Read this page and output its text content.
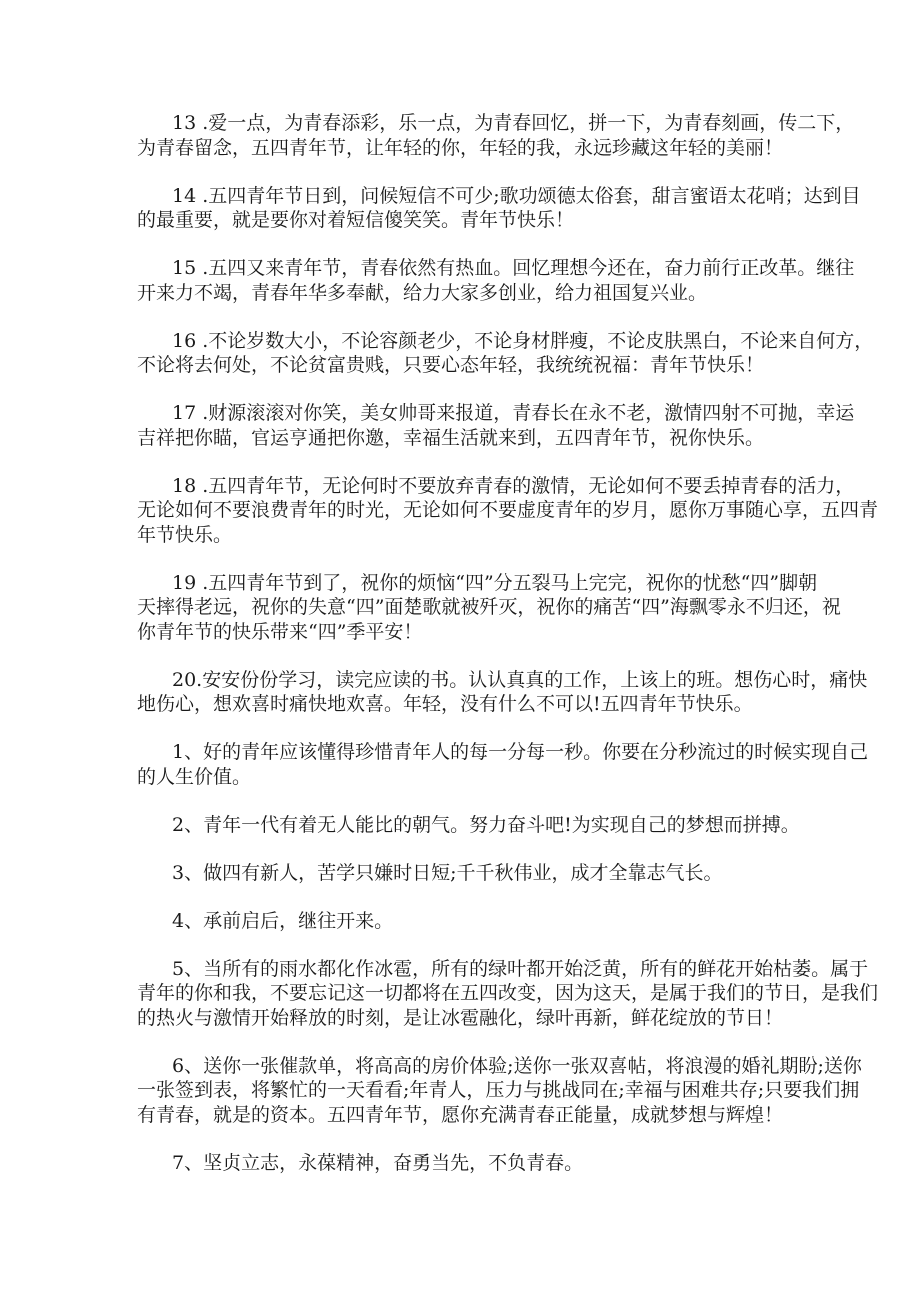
13 .爱一点，为青春添彩，乐一点，为青春回忆，拼一下，为青春刻画，传二下，
为青春留念，五四青年节，让年轻的你，年轻的我，永远珍藏这年轻的美丽！

14 .五四青年节日到，问候短信不可少;歌功颂德太俗套，甜言蜜语太花哨；达到目
的最重要，就是要你对着短信傻笑笑。青年节快乐！

15 .五四又来青年节，青春依然有热血。回忆理想今还在，奋力前行正改革。继往
开来力不竭，青春年华多奉献，给力大家多创业，给力祖国复兴业。

16 .不论岁数大小，不论容颜老少，不论身材胖瘦，不论皮肤黑白，不论来自何方，
不论将去何处，不论贫富贵贱，只要心态年轻，我统统祝福：青年节快乐！

17 .财源滚滚对你笑，美女帅哥来报道，青春长在永不老，激情四射不可抛，幸运
吉祥把你瞄，官运亨通把你邀，幸福生活就来到，五四青年节，祝你快乐。

18 .五四青年节，无论何时不要放弃青春的激情，无论如何不要丢掉青春的活力，
无论如何不要浪费青年的时光，无论如何不要虚度青年的岁月，愿你万事随心享，五四青
年节快乐。

19 .五四青年节到了，祝你的烦恼“四”分五裂马上完完，祝你的忧愁“四”脚朝
天摔得老远，祝你的失意“四”面楚歌就被歼灭，祝你的痛苦“四”海飘零永不归还，祝
你青年节的快乐带来“四”季平安！

20.安安份份学习，读完应读的书。认认真真的工作，上该上的班。想伤心时，痛快
地伤心，想欢喜时痛快地欢喜。年轻，没有什么不可以!五四青年节快乐。

1、好的青年应该懂得珍惜青年人的每一分每一秒。你要在分秒流过的时候实现自己
的人生价值。

2、青年一代有着无人能比的朝气。努力奋斗吧!为实现自己的梦想而拼搏。

3、做四有新人，苦学只嫌时日短;千千秋伟业，成才全靠志气长。

4、承前启后，继往开来。

5、当所有的雨水都化作冰雹，所有的绿叶都开始泛黄，所有的鲜花开始枯萎。属于
青年的你和我，不要忘记这一切都将在五四改变，因为这天，是属于我们的节日，是我们
的热火与激情开始释放的时刻，是让冰雹融化，绿叶再新，鲜花绽放的节日！

6、送你一张催款单，将高高的房价体验;送你一张双喜帖，将浪漫的婚礼期盼;送你
一张签到表，将繁忙的一天看看;年青人，压力与挑战同在;幸福与困难共存;只要我们拥
有青春，就是的资本。五四青年节，愿你充满青春正能量，成就梦想与辉煌！

7、坚贞立志，永葆精神，奋勇当先，不负青春。
